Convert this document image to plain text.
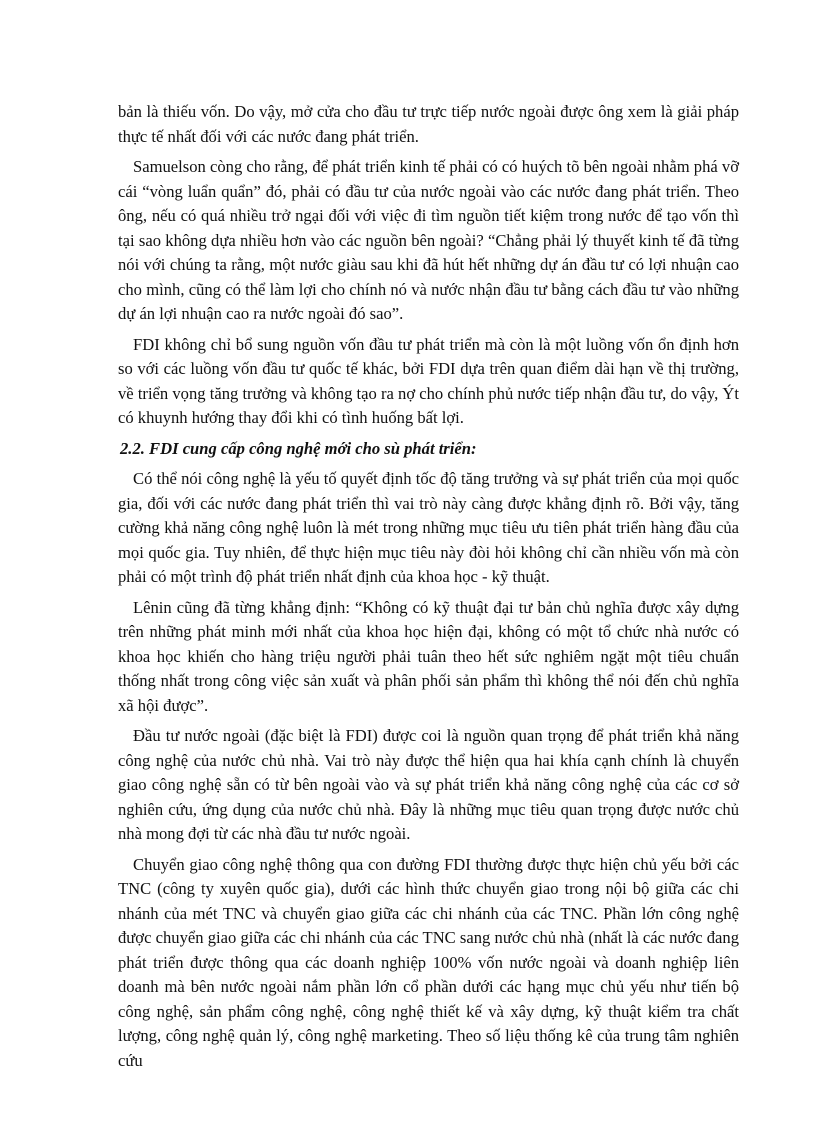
bản là thiếu vốn. Do vậy, mở cửa cho đầu tư trực tiếp nước ngoài được ông xem là giải pháp thực tế nhất đối với các nước đang phát triển.

Samuelson còng cho rằng, để phát triển kinh tế phải có có huých tõ bên ngoài nhằm phá vỡ cái “vòng luẩn quẩn” đó, phải có đầu tư của nước ngoài vào các nước đang phát triển. Theo ông, nếu có quá nhiều trở ngại đối với việc đi tìm nguồn tiết kiệm trong nước để tạo vốn thì tại sao không dựa nhiều hơn vào các nguồn bên ngoài? “Chẳng phải lý thuyết kinh tế đã từng nói với chúng ta rằng, một nước giàu sau khi đã hút hết những dự án đầu tư có lợi nhuận cao cho mình, cũng có thể làm lợi cho chính nó và nước nhận đầu tư bằng cách đầu tư vào những dự án lợi nhuận cao ra nước ngoài đó sao”.

FDI không chỉ bổ sung nguồn vốn đầu tư phát triển mà còn là một luồng vốn ổn định hơn so với các luồng vốn đầu tư quốc tế khác, bởi FDI dựa trên quan điểm dài hạn về thị trường, về triển vọng tăng trưởng và không tạo ra nợ cho chính phủ nước tiếp nhận đầu tư, do vậy, Ýt có khuynh hướng thay đổi khi có tình huống bất lợi.

2.2. FDI cung cấp công nghệ mới cho sù phát triển:

Có thể nói công nghệ là yếu tố quyết định tốc độ tăng trưởng và sự phát triển của mọi quốc gia, đối với các nước đang phát triển thì vai trò này càng được khẳng định rõ. Bởi vậy, tăng cường khả năng công nghệ luôn là mét trong những mục tiêu ưu tiên phát triển hàng đầu của mọi quốc gia. Tuy nhiên, để thực hiện mục tiêu này đòi hỏi không chỉ cần nhiều vốn mà còn phải có một trình độ phát triển nhất định của khoa học - kỹ thuật.

Lênin cũng đã từng khẳng định: “Không có kỹ thuật đại tư bản chủ nghĩa được xây dựng trên những phát minh mới nhất của khoa học hiện đại, không có một tổ chức nhà nước có khoa học khiến cho hàng triệu người phải tuân theo hết sức nghiêm ngặt một tiêu chuẩn thống nhất trong công việc sản xuất và phân phối sản phẩm thì không thể nói đến chủ nghĩa xã hội được”.

Đầu tư nước ngoài (đặc biệt là FDI) được coi là nguồn quan trọng để phát triển khả năng công nghệ của nước chủ nhà. Vai trò này được thể hiện qua hai khía cạnh chính là chuyển giao công nghệ sẵn có từ bên ngoài vào và sự phát triển khả năng công nghệ của các cơ sở nghiên cứu, ứng dụng của nước chủ nhà. Đây là những mục tiêu quan trọng được nước chủ nhà mong đợi từ các nhà đầu tư nước ngoài.

Chuyển giao công nghệ thông qua con đường FDI thường được thực hiện chủ yếu bởi các TNC (công ty xuyên quốc gia), dưới các hình thức chuyển giao trong nội bộ giữa các chi nhánh của mét TNC và chuyển giao giữa các chi nhánh của các TNC. Phần lớn công nghệ được chuyển giao giữa các chi nhánh của các TNC sang nước chủ nhà (nhất là các nước đang phát triển được thông qua các doanh nghiệp 100% vốn nước ngoài và doanh nghiệp liên doanh mà bên nước ngoài nắm phần lớn cổ phần dưới các hạng mục chủ yếu như tiến bộ công nghệ, sản phẩm công nghệ, công nghệ thiết kế và xây dựng, kỹ thuật kiểm tra chất lượng, công nghệ quản lý, công nghệ marketing. Theo số liệu thống kê của trung tâm nghiên cứu
